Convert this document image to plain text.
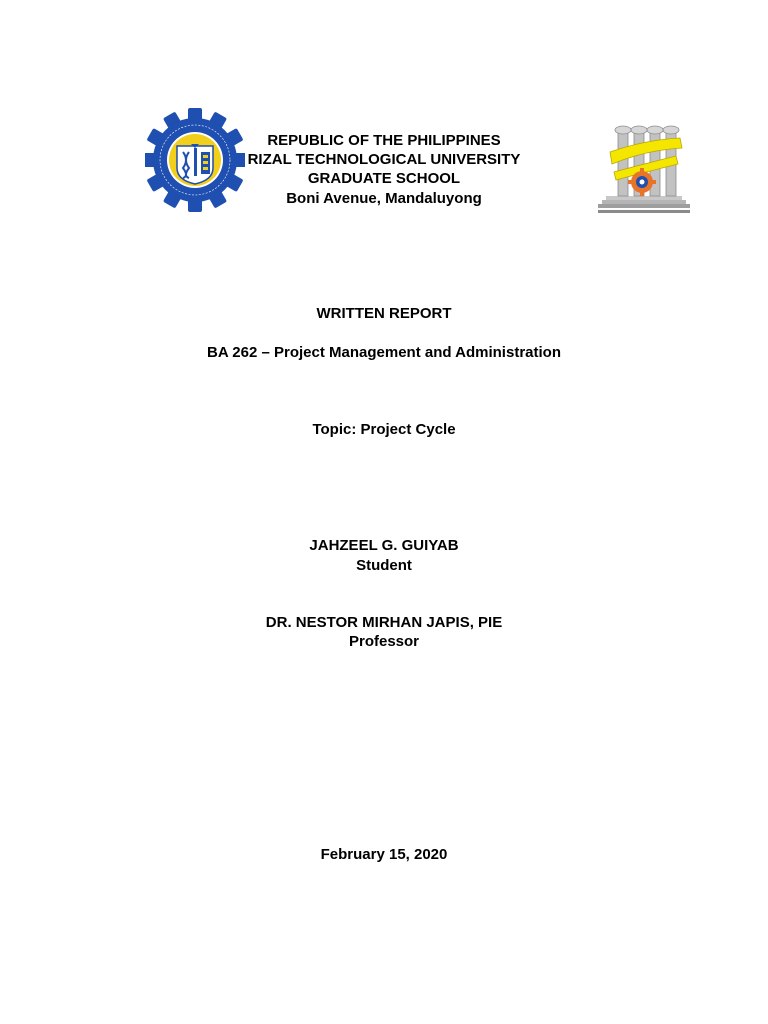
REPUBLIC OF THE PHILIPPINES
RIZAL TECHNOLOGICAL UNIVERSITY
GRADUATE SCHOOL
Boni Avenue, Mandaluyong
WRITTEN REPORT
BA 262 – Project Management and Administration
Topic: Project Cycle
JAHZEEL G. GUIYAB
Student
DR. NESTOR MIRHAN JAPIS, PIE
Professor
February 15, 2020
